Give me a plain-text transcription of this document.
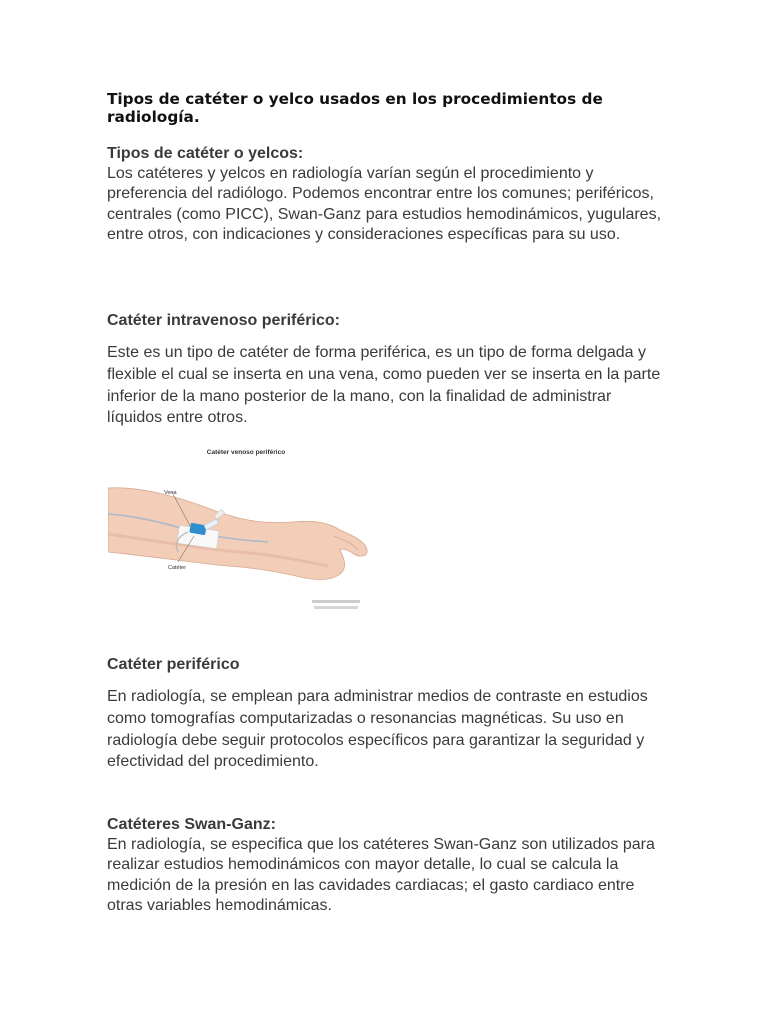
Tipos de catéter o yelco usados en los procedimientos de radiología.
Tipos de catéter o yelcos:

Los catéteres y yelcos en radiología varían según el procedimiento y preferencia del radiólogo. Podemos encontrar entre los comunes; periféricos, centrales (como PICC), Swan-Ganz para estudios hemodinámicos, yugulares, entre otros, con indicaciones y consideraciones específicas para su uso.

Catéter intravenoso periférico:

Este es un tipo de catéter de forma periférica, es un tipo de forma delgada y flexible el cual se inserta en una vena, como pueden ver se inserta en la parte inferior de la mano posterior de la mano, con la finalidad de administrar líquidos entre otros.

Catéter venoso periférico
Vena
Catéter
Catéter periférico

En radiología, se emplean para administrar medios de contraste en estudios como tomografías computarizadas o resonancias magnéticas. Su uso en radiología debe seguir protocolos específicos para garantizar la seguridad y efectividad del procedimiento.

Catéteres Swan-Ganz:

En radiología, se especifica que los catéteres Swan-Ganz son utilizados para realizar estudios hemodinámicos con mayor detalle, lo cual se calcula la medición de la presión en las cavidades cardiacas; el gasto cardiaco entre otras variables hemodinámicas.
